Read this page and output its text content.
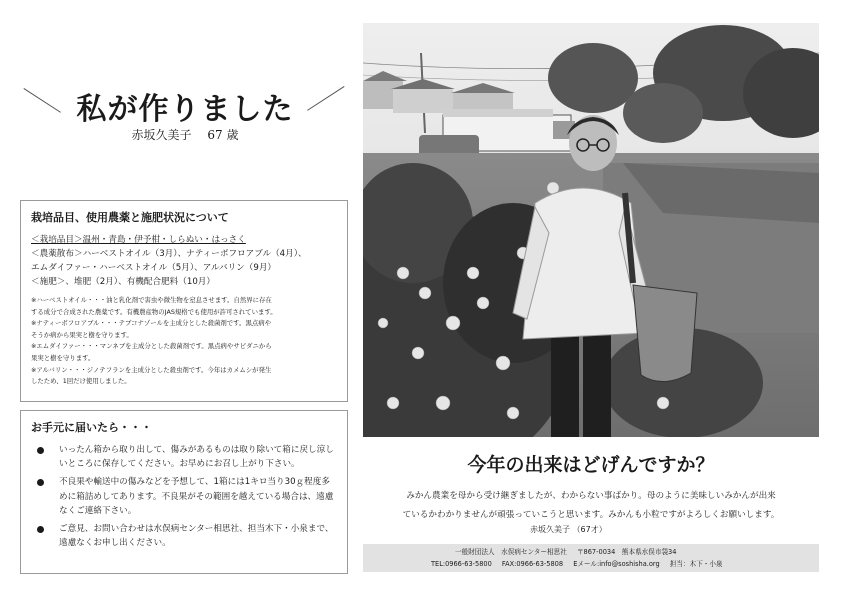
私が作りました
赤坂久美子 67 歳
栽培品目、使用農薬と施肥状況について
＜栽培品目＞温州・青島・伊予柑・しらぬい・はっさく
＜農薬散布＞ハーベストオイル（3月）、ナティーボフロアブル（4月）、
エムダイファー・ハーベストオイル（5月）、アルバリン（9月）
＜施肥＞、堆肥（2月）、有機配合肥料（10月）
※ハーベストオイル・・・油と乳化剤で害虫や微生物を窒息させます。自然界に存在
する成分で合成された農薬です。有機農産物のJAS規格でも使用が許可されています。
※ナティーボフロアブル・・・テブコナゾールを主成分とした殺菌剤です。黒点病や
そうか病から果実と樹を守ります。
※エムダイファー・・・マンネブを主成分とした殺菌剤です。黒点病やサビダニから
果実と樹を守ります。
※アルバリン・・・ジノテフランを主成分とした殺虫剤です。今年はカメムシが発生
したため、1回だけ使用しました。
お手元に届いたら・・・
いったん箱から取り出して、傷みがあるものは取り除いて箱に戻し涼しいところに保存してください。お早めにお召し上がり下さい。
不良果や輸送中の傷みなどを予想して、1箱には1キロ当り30ｇ程度多めに箱詰めしてあります。不良果がその範囲を越えている場合は、遠慮なくご連絡下さい。
ご意見、お問い合わせは水俣病センター相思社、担当木下・小泉まで、遠慮なくお申し出ください。
今年の出来はどげんですか？
みかん農業を母から受け継ぎましたが、わからない事ばかり。母のように美味しいみかんが出来
ているかわかりませんが頑張っていこうと思います。みかんも小粒ですがよろしくお願いします。
赤坂久美子 （67才）
一般財団法人　水俣病センター相思社 〒867-0034　熊本県水俣市袋34
TEL:0966-63-5800 FAX:0966-63-5808 Eメール:info@soshisha.org 担当：木下・小泉
